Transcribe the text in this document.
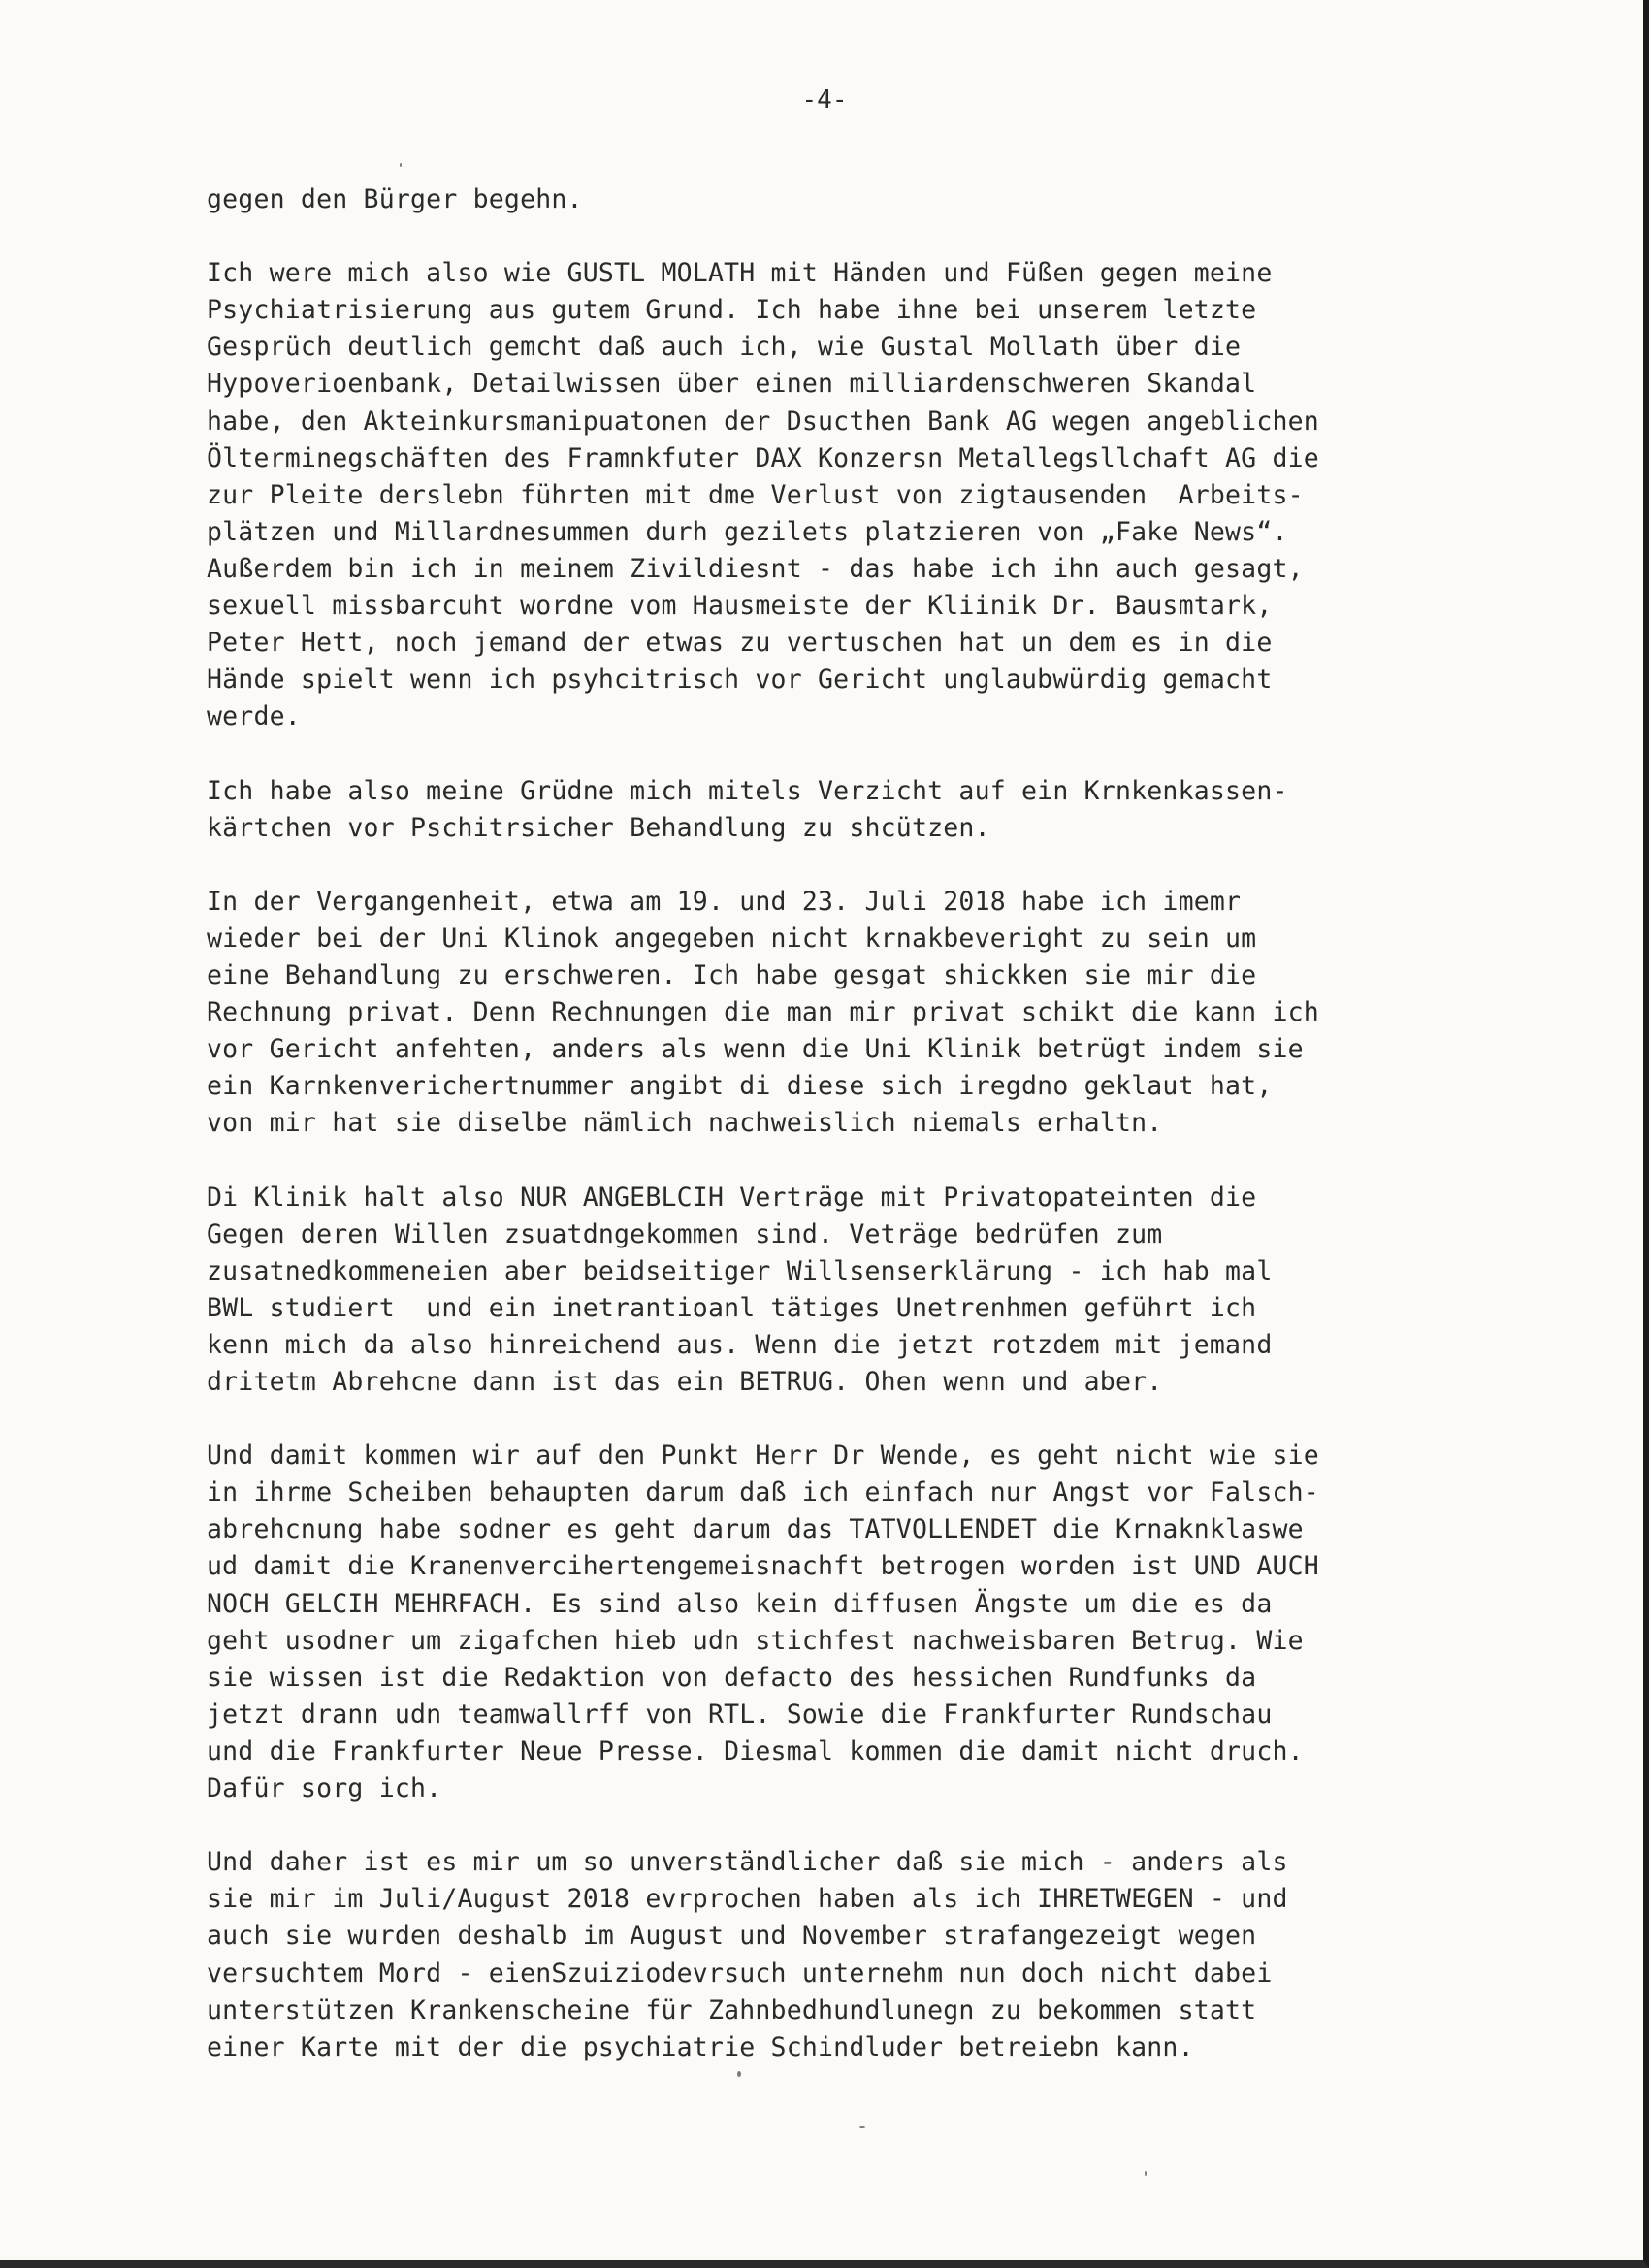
-4-
gegen den Bürger begehn.
Ich were mich also wie GUSTL MOLATH mit Händen und Füßen gegen meine
Psychiatrisierung aus gutem Grund. Ich habe ihne bei unserem letzte
Gesprüch deutlich gemcht daß auch ich, wie Gustal Mollath über die
Hypoverioenbank, Detailwissen über einen milliardenschweren Skandal
habe, den Akteinkursmanipuatonen der Dsucthen Bank AG wegen angeblichen
Ölterminegschäften des Framnkfuter DAX Konzersn Metallegsllchaft AG die
zur Pleite derslebn führten mit dme Verlust von zigtausenden  Arbeits-
plätzen und Millardnesummen durh gezilets platzieren von „Fake News“.
Außerdem bin ich in meinem Zivildiesnt - das habe ich ihn auch gesagt,
sexuell missbarcuht wordne vom Hausmeiste der Kliinik Dr. Bausmtark,
Peter Hett, noch jemand der etwas zu vertuschen hat un dem es in die
Hände spielt wenn ich psyhcitrisch vor Gericht unglaubwürdig gemacht
werde.
Ich habe also meine Grüdne mich mitels Verzicht auf ein Krnkenkassen-
kärtchen vor Pschitrsicher Behandlung zu shcützen.
In der Vergangenheit, etwa am 19. und 23. Juli 2018 habe ich imemr
wieder bei der Uni Klinok angegeben nicht krnakbeveright zu sein um
eine Behandlung zu erschweren. Ich habe gesgat shickken sie mir die
Rechnung privat. Denn Rechnungen die man mir privat schikt die kann ich
vor Gericht anfehten, anders als wenn die Uni Klinik betrügt indem sie
ein Karnkenverichertnummer angibt di diese sich iregdno geklaut hat,
von mir hat sie diselbe nämlich nachweislich niemals erhaltn.
Di Klinik halt also NUR ANGEBLCIH Verträge mit Privatopateinten die
Gegen deren Willen zsuatdngekommen sind. Veträge bedrüfen zum
zusatnedkommeneien aber beidseitiger Willsenserklärung - ich hab mal
BWL studiert  und ein inetrantioanl tätiges Unetrenhmen geführt ich
kenn mich da also hinreichend aus. Wenn die jetzt rotzdem mit jemand
dritetm Abrehcne dann ist das ein BETRUG. Ohen wenn und aber.
Und damit kommen wir auf den Punkt Herr Dr Wende, es geht nicht wie sie
in ihrme Scheiben behaupten darum daß ich einfach nur Angst vor Falsch-
abrehcnung habe sodner es geht darum das TATVOLLENDET die Krnaknklaswe
ud damit die Kranenvercihertengemeisnachft betrogen worden ist UND AUCH
NOCH GELCIH MEHRFACH. Es sind also kein diffusen Ängste um die es da
geht usodner um zigafchen hieb udn stichfest nachweisbaren Betrug. Wie
sie wissen ist die Redaktion von defacto des hessichen Rundfunks da
jetzt drann udn teamwallrff von RTL. Sowie die Frankfurter Rundschau
und die Frankfurter Neue Presse. Diesmal kommen die damit nicht druch.
Dafür sorg ich.
Und daher ist es mir um so unverständlicher daß sie mich - anders als
sie mir im Juli/August 2018 evrprochen haben als ich IHRETWEGEN - und
auch sie wurden deshalb im August und November strafangezeigt wegen
versuchtem Mord - eienSzuiziodevrsuch unternehm nun doch nicht dabei
unterstützen Krankenscheine für Zahnbedhundlunegn zu bekommen statt
einer Karte mit der die psychiatrie Schindluder betreiebn kann.
